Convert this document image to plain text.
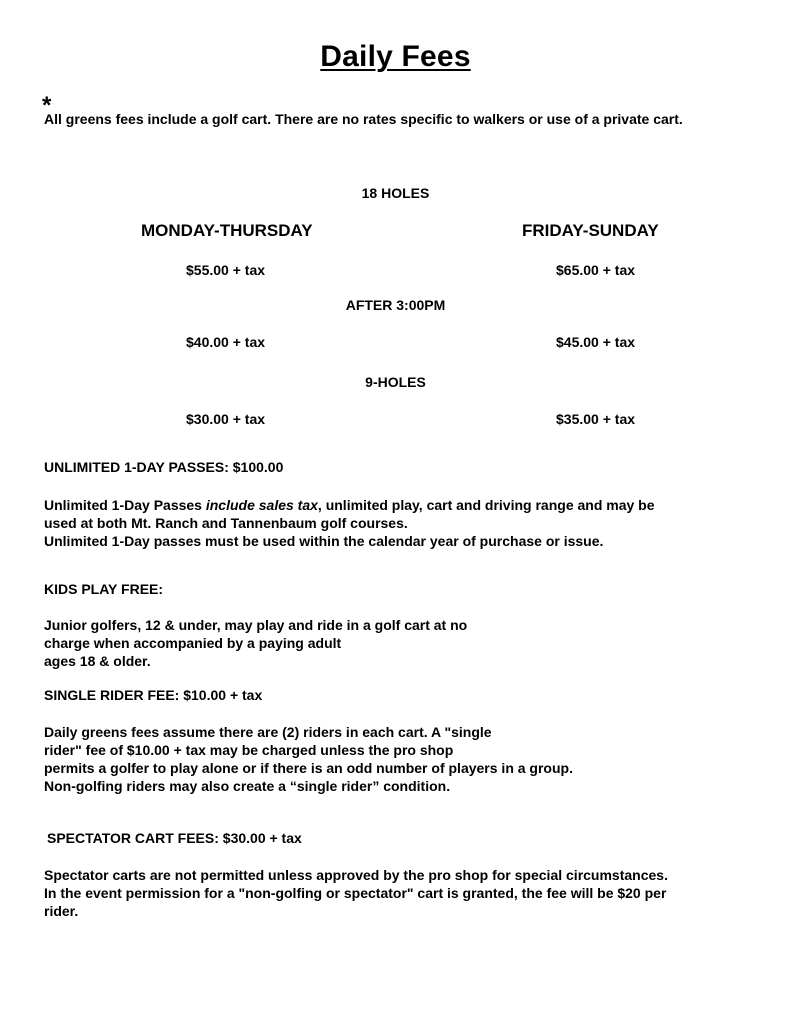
Daily Fees
*
All greens fees include a golf cart. There are no rates specific to walkers or use of a private cart.
18 HOLES
MONDAY-THURSDAY	FRIDAY-SUNDAY
$55.00 + tax	$65.00 + tax
AFTER 3:00PM
$40.00 + tax	$45.00 + tax
9-HOLES
$30.00 + tax	$35.00 + tax
UNLIMITED 1-DAY PASSES: $100.00
Unlimited 1-Day Passes include sales tax, unlimited play, cart and driving range and may be
used at both Mt. Ranch and Tannenbaum golf courses.
Unlimited 1-Day passes must be used within the calendar year of purchase or issue.
KIDS PLAY FREE:
Junior golfers, 12 & under, may play and ride in a golf cart at no
charge when accompanied by a paying adult
ages 18 & older.
SINGLE RIDER FEE: $10.00 + tax
Daily greens fees assume there are (2) riders in each cart. A "single
rider" fee of $10.00 + tax may be charged unless the pro shop
permits a golfer to play alone or if there is an odd number of players in a group.
Non-golfing riders may also create a “single rider” condition.
SPECTATOR CART FEES: $30.00 + tax
Spectator carts are not permitted unless approved by the pro shop for special circumstances.
In the event permission for a "non-golfing or spectator" cart is granted, the fee will be $20 per
rider.
